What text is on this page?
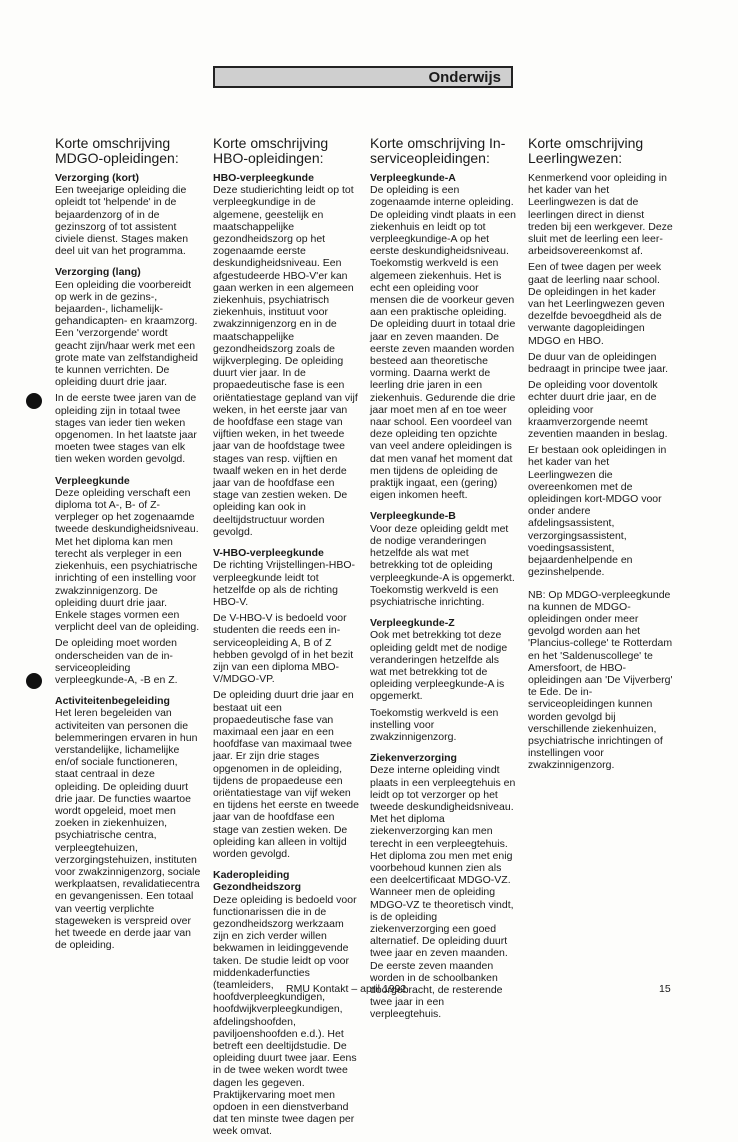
Onderwijs
Korte omschrijving MDGO-opleidingen:
Verzorging (kort)

Een tweejarige opleiding die opleidt tot 'helpende' in de bejaardenzorg of in de gezinszorg of tot assistent civiele dienst. Stages maken deel uit van het programma.

Verzorging (lang)

Een opleiding die voorbereidt op werk in de gezins-, bejaarden-, lichamelijk-gehandicapten- en kraamzorg. Een 'verzorgende' wordt geacht zijn/haar werk met een grote mate van zelfstandigheid te kunnen verrichten. De opleiding duurt drie jaar.

In de eerste twee jaren van de opleiding zijn in totaal twee stages van ieder tien weken opgenomen. In het laatste jaar moeten twee stages van elk tien weken worden gevolgd.

Verpleegkunde

Deze opleiding verschaft een diploma tot A-, B- of Z-verpleger op het zogenaamde tweede deskundigheidsniveau. Met het diploma kan men terecht als verpleger in een ziekenhuis, een psychiatrische inrichting of een instelling voor zwakzinnigenzorg. De opleiding duurt drie jaar. Enkele stages vormen een verplicht deel van de opleiding.

De opleiding moet worden onderscheiden van de in-serviceopleiding verpleegkunde-A, -B en Z.

Activiteitenbegeleiding

Het leren begeleiden van activiteiten van personen die belemmeringen ervaren in hun verstandelijke, lichamelijke en/of sociale functioneren, staat centraal in deze opleiding. De opleiding duurt drie jaar. De functies waartoe wordt opgeleid, moet men zoeken in ziekenhuizen, psychiatrische centra, verpleegtehuizen, verzorgingstehuizen, instituten voor zwakzinnigenzorg, sociale werkplaatsen, revalidatiecentra en gevangenissen. Een totaal van veertig verplichte stageweken is verspreid over het tweede en derde jaar van de opleiding.

Korte omschrijving HBO-opleidingen:
HBO-verpleegkunde

Deze studierichting leidt op tot verpleegkundige in de algemene, geestelijk en maatschappelijke gezondheidszorg op het zogenaamde eerste deskundigheidsniveau. Een afgestudeerde HBO-V'er kan gaan werken in een algemeen ziekenhuis, psychiatrisch ziekenhuis, instituut voor zwakzinnigenzorg en in de maatschappelijke gezondheidszorg zoals de wijkverpleging. De opleiding duurt vier jaar. In de propaedeutische fase is een oriëntatiestage gepland van vijf weken, in het eerste jaar van de hoofdfase een stage van vijftien weken, in het tweede jaar van de hoofdstage twee stages van resp. vijftien en twaalf weken en in het derde jaar van de hoofdfase een stage van zestien weken. De opleiding kan ook in deeltijdstructuur worden gevolgd.

V-HBO-verpleegkunde

De richting Vrijstellingen-HBO-verpleegkunde leidt tot hetzelfde op als de richting HBO-V.

De V-HBO-V is bedoeld voor studenten die reeds een in-serviceopleiding A, B of Z hebben gevolgd of in het bezit zijn van een diploma MBO-V/MDGO-VP.

De opleiding duurt drie jaar en bestaat uit een propaedeutische fase van maximaal een jaar en een hoofdfase van maximaal twee jaar. Er zijn drie stages opgenomen in de opleiding, tijdens de propaedeuse een oriëntatiestage van vijf weken en tijdens het eerste en tweede jaar van de hoofdfase een stage van zestien weken. De opleiding kan alleen in voltijd worden gevolgd.

Kaderopleiding Gezondheidszorg

Deze opleiding is bedoeld voor functionarissen die in de gezondheidszorg werkzaam zijn en zich verder willen bekwamen in leidinggevende taken. De studie leidt op voor middenkaderfuncties (teamleiders, hoofdverpleegkundigen, hoofdwijkverpleegkundigen, afdelingshoofden, paviljoenshoofden e.d.). Het betreft een deeltijdstudie. De opleiding duurt twee jaar. Eens in de twee weken wordt twee dagen les gegeven. Praktijkervaring moet men opdoen in een dienstverband dat ten minste twee dagen per week omvat.

Korte omschrijving In-serviceopleidingen:
Verpleegkunde-A

De opleiding is een zogenaamde interne opleiding. De opleiding vindt plaats in een ziekenhuis en leidt op tot verpleegkundige-A op het eerste deskundigheidsniveau. Toekomstig werkveld is een algemeen ziekenhuis. Het is echt een opleiding voor mensen die de voorkeur geven aan een praktische opleiding. De opleiding duurt in totaal drie jaar en zeven maanden. De eerste zeven maanden worden besteed aan theoretische vorming. Daarna werkt de leerling drie jaren in een ziekenhuis. Gedurende die drie jaar moet men af en toe weer naar school. Een voordeel van deze opleiding ten opzichte van veel andere opleidingen is dat men vanaf het moment dat men tijdens de opleiding de praktijk ingaat, een (gering) eigen inkomen heeft.

Verpleegkunde-B

Voor deze opleiding geldt met de nodige veranderingen hetzelfde als wat met betrekking tot de opleiding verpleegkunde-A is opgemerkt. Toekomstig werkveld is een psychiatrische inrichting.

Verpleegkunde-Z

Ook met betrekking tot deze opleiding geldt met de nodige veranderingen hetzelfde als wat met betrekking tot de opleiding verpleegkunde-A is opgemerkt.

Toekomstig werkveld is een instelling voor zwakzinnigenzorg.

Ziekenverzorging

Deze interne opleiding vindt plaats in een verpleegtehuis en leidt op tot verzorger op het tweede deskundigheidsniveau. Met het diploma ziekenverzorging kan men terecht in een verpleegtehuis. Het diploma zou men met enig voorbehoud kunnen zien als een deelcertificaat MDGO-VZ. Wanneer men de opleiding MDGO-VZ te theoretisch vindt, is de opleiding ziekenverzorging een goed alternatief. De opleiding duurt twee jaar en zeven maanden. De eerste zeven maanden worden in de schoolbanken doorgebracht, de resterende twee jaar in een verpleegtehuis.

Korte omschrijving Leerlingwezen:

Kenmerkend voor opleiding in het kader van het Leerlingwezen is dat de leerlingen direct in dienst treden bij een werkgever. Deze sluit met de leerling een leer-arbeidsovereenkomst af.

Een of twee dagen per week gaat de leerling naar school. De opleidingen in het kader van het Leerlingwezen geven dezelfde bevoegdheid als de verwante dagopleidingen MDGO en HBO.

De duur van de opleidingen bedraagt in principe twee jaar.

De opleiding voor doventolk echter duurt drie jaar, en de opleiding voor kraamverzorgende neemt zeventien maanden in beslag.

Er bestaan ook opleidingen in het kader van het Leerlingwezen die overeenkomen met de opleidingen kort-MDGO voor onder andere afdelingsassistent, verzorgingsassistent, voedingsassistent, bejaardenhelpende en gezinshelpende.

NB: Op MDGO-verpleegkunde na kunnen de MDGO-opleidingen onder meer gevolgd worden aan het 'Plancius-college' te Rotterdam en het 'Saldenuscollege' te Amersfoort, de HBO-opleidingen aan 'De Vijverberg' te Ede. De in-serviceopleidingen kunnen worden gevolgd bij verschillende ziekenhuizen, psychiatrische inrichtingen of instellingen voor zwakzinnigenzorg.

RMU Kontakt – april 1992	15
